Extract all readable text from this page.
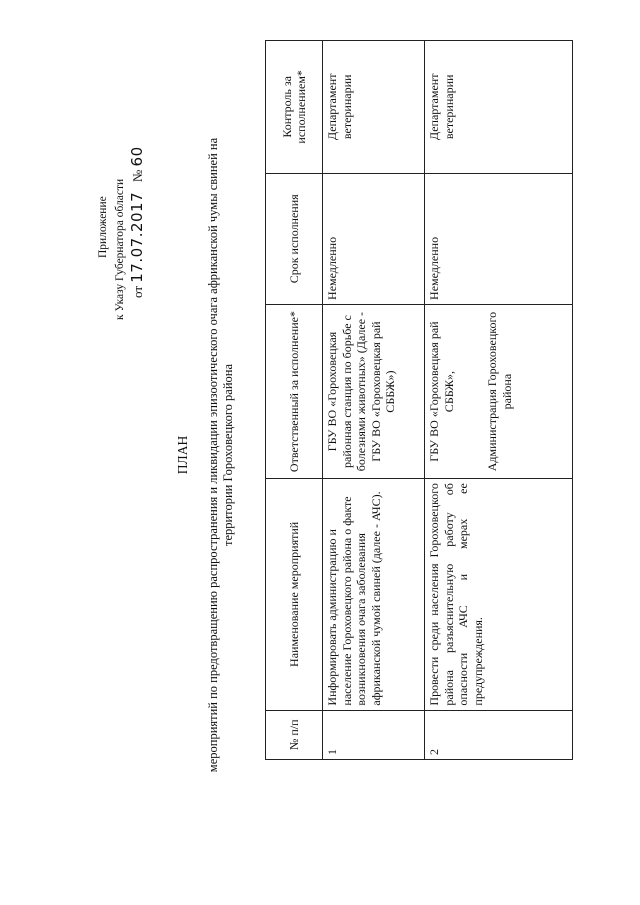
Приложение к Указу Губернатора области от 17.07.2017   № 60
ПЛАН мероприятий по предотвращению распространения и ликвидации эпизоотического очага африканской чумы свиней на территории Гороховецкого района
№ п/п	Наименование мероприятий	Ответственный за исполнение*	Срок исполнения	Контроль за исполнением*
1	Информировать администрацию и население Гороховецкого района о факте возникновения очага заболевания африканской чумой свиней (далее - АЧС).	ГБУ ВО «Гороховецкая районная станция по борьбе с болезнями животных» (Далее - ГБУ ВО «Гороховецкая рай СББЖ»)	Немедленно	Департамент ветеринарии
2	Провести среди населения Гороховецкого района разъяснительную работу об опасности АЧС и мерах ее предупреждения.	ГБУ ВО «Гороховецкая рай СББЖ», Администрация Гороховецкого района	Немедленно	Департамент ветеринарии
